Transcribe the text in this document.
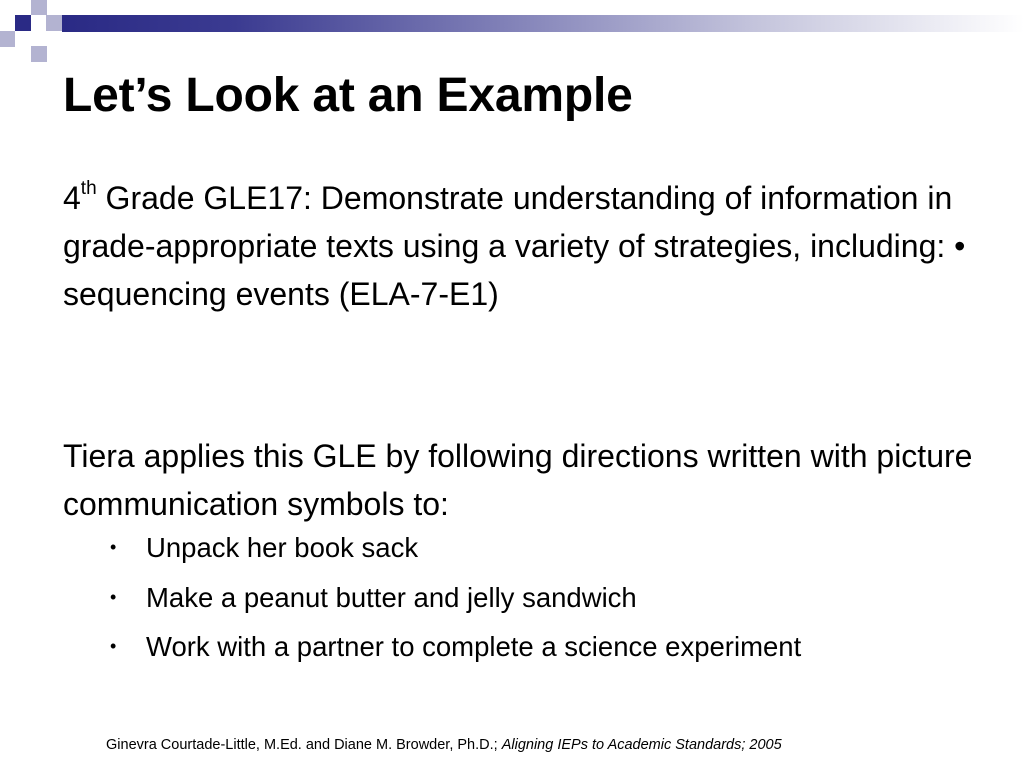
Let’s Look at an Example

4th Grade GLE17: Demonstrate understanding of information in grade-appropriate texts using a variety of strategies, including: • sequencing events (ELA-7-E1)

Tiera applies this GLE by following directions written with picture communication symbols to:

• Unpack her book sack
• Make a peanut butter and jelly sandwich
• Work with a partner to complete a science experiment
Ginevra Courtade-Little, M.Ed. and Diane M. Browder, Ph.D.; Aligning IEPs to Academic Standards; 2005
